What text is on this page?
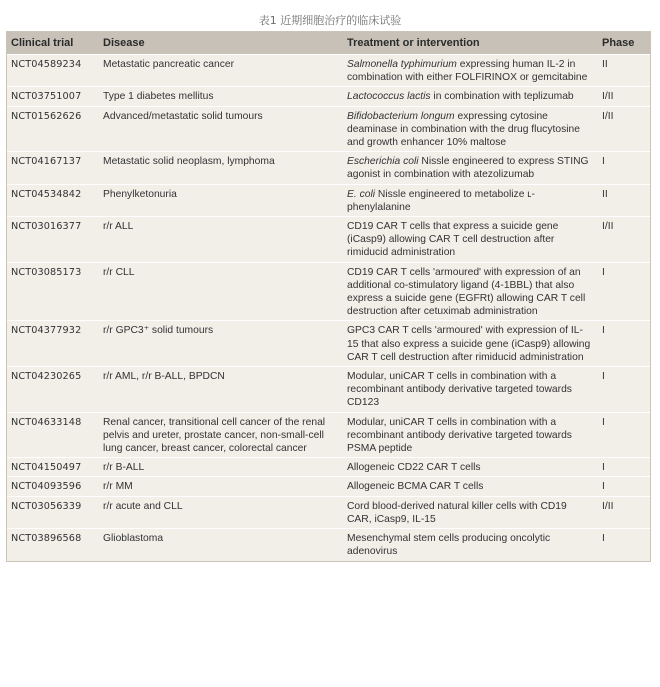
表1 近期细胞治疗的临床试验
Clinical trial	Disease	Treatment or intervention	Phase
NCT04589234	Metastatic pancreatic cancer	Salmonella typhimurium expressing human IL-2 in combination with either FOLFIRINOX or gemcitabine	II
NCT03751007	Type 1 diabetes mellitus	Lactococcus lactis in combination with teplizumab	I/II
NCT01562626	Advanced/metastatic solid tumours	Bifidobacterium longum expressing cytosine deaminase in combination with the drug flucytosine and growth enhancer 10% maltose	I/II
NCT04167137	Metastatic solid neoplasm, lymphoma	Escherichia coli Nissle engineered to express STING agonist in combination with atezolizumab	I
NCT04534842	Phenylketonuria	E. coli Nissle engineered to metabolize ʟ-phenylalanine	II
NCT03016377	r/r ALL	CD19 CAR T cells that express a suicide gene (iCasp9) allowing CAR T cell destruction after rimiducid administration	I/II
NCT03085173	r/r CLL	CD19 CAR T cells 'armoured' with expression of an additional co-stimulatory ligand (4-1BBL) that also express a suicide gene (EGFRt) allowing CAR T cell destruction after cetuximab administration	I
NCT04377932	r/r GPC3⁺ solid tumours	GPC3 CAR T cells 'armoured' with expression of IL-15 that also express a suicide gene (iCasp9) allowing CAR T cell destruction after rimiducid administration	I
NCT04230265	r/r AML, r/r B-ALL, BPDCN	Modular, uniCAR T cells in combination with a recombinant antibody derivative targeted towards CD123	I
NCT04633148	Renal cancer, transitional cell cancer of the renal pelvis and ureter, prostate cancer, non-small-cell lung cancer, breast cancer, colorectal cancer	Modular, uniCAR T cells in combination with a recombinant antibody derivative targeted towards PSMA peptide	I
NCT04150497	r/r B-ALL	Allogeneic CD22 CAR T cells	I
NCT04093596	r/r MM	Allogeneic BCMA CAR T cells	I
NCT03056339	r/r acute and CLL	Cord blood-derived natural killer cells with CD19 CAR, iCasp9, IL-15	I/II
NCT03896568	Glioblastoma	Mesenchymal stem cells producing oncolytic adenovirus	I
